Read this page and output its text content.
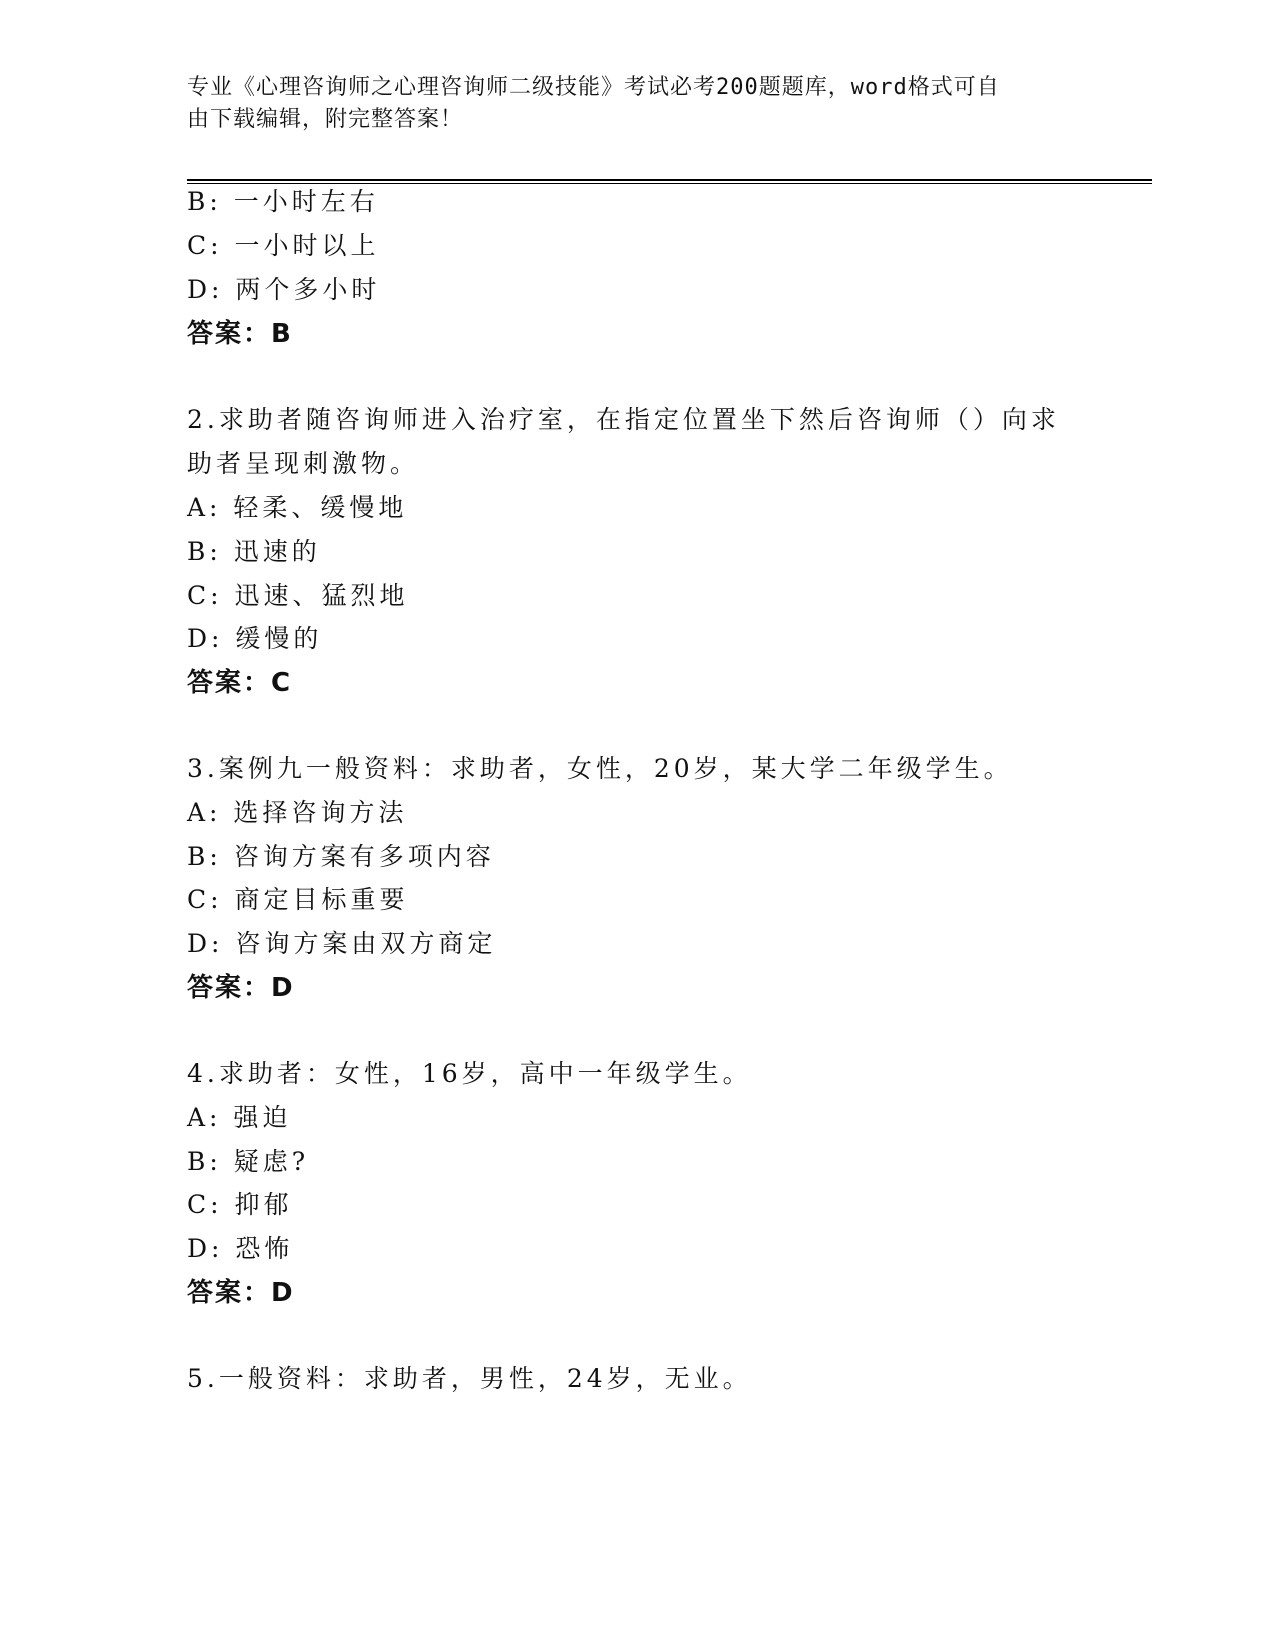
专业《心理咨询师之心理咨询师二级技能》考试必考200题题库，word格式可自
由下载编辑，附完整答案！
B: 一小时左右
C: 一小时以上
D: 两个多小时
答案：B
2.求助者随咨询师进入治疗室，在指定位置坐下然后咨询师（）向求
助者呈现刺激物。
A: 轻柔、缓慢地
B: 迅速的
C: 迅速、猛烈地
D: 缓慢的
答案：C
3.案例九一般资料：求助者，女性，20岁，某大学二年级学生。
A: 选择咨询方法
B: 咨询方案有多项内容
C: 商定目标重要
D: 咨询方案由双方商定
答案：D
4.求助者：女性，16岁，高中一年级学生。
A: 强迫
B: 疑虑?
C: 抑郁
D: 恐怖
答案：D
5.一般资料：求助者，男性，24岁，无业。
